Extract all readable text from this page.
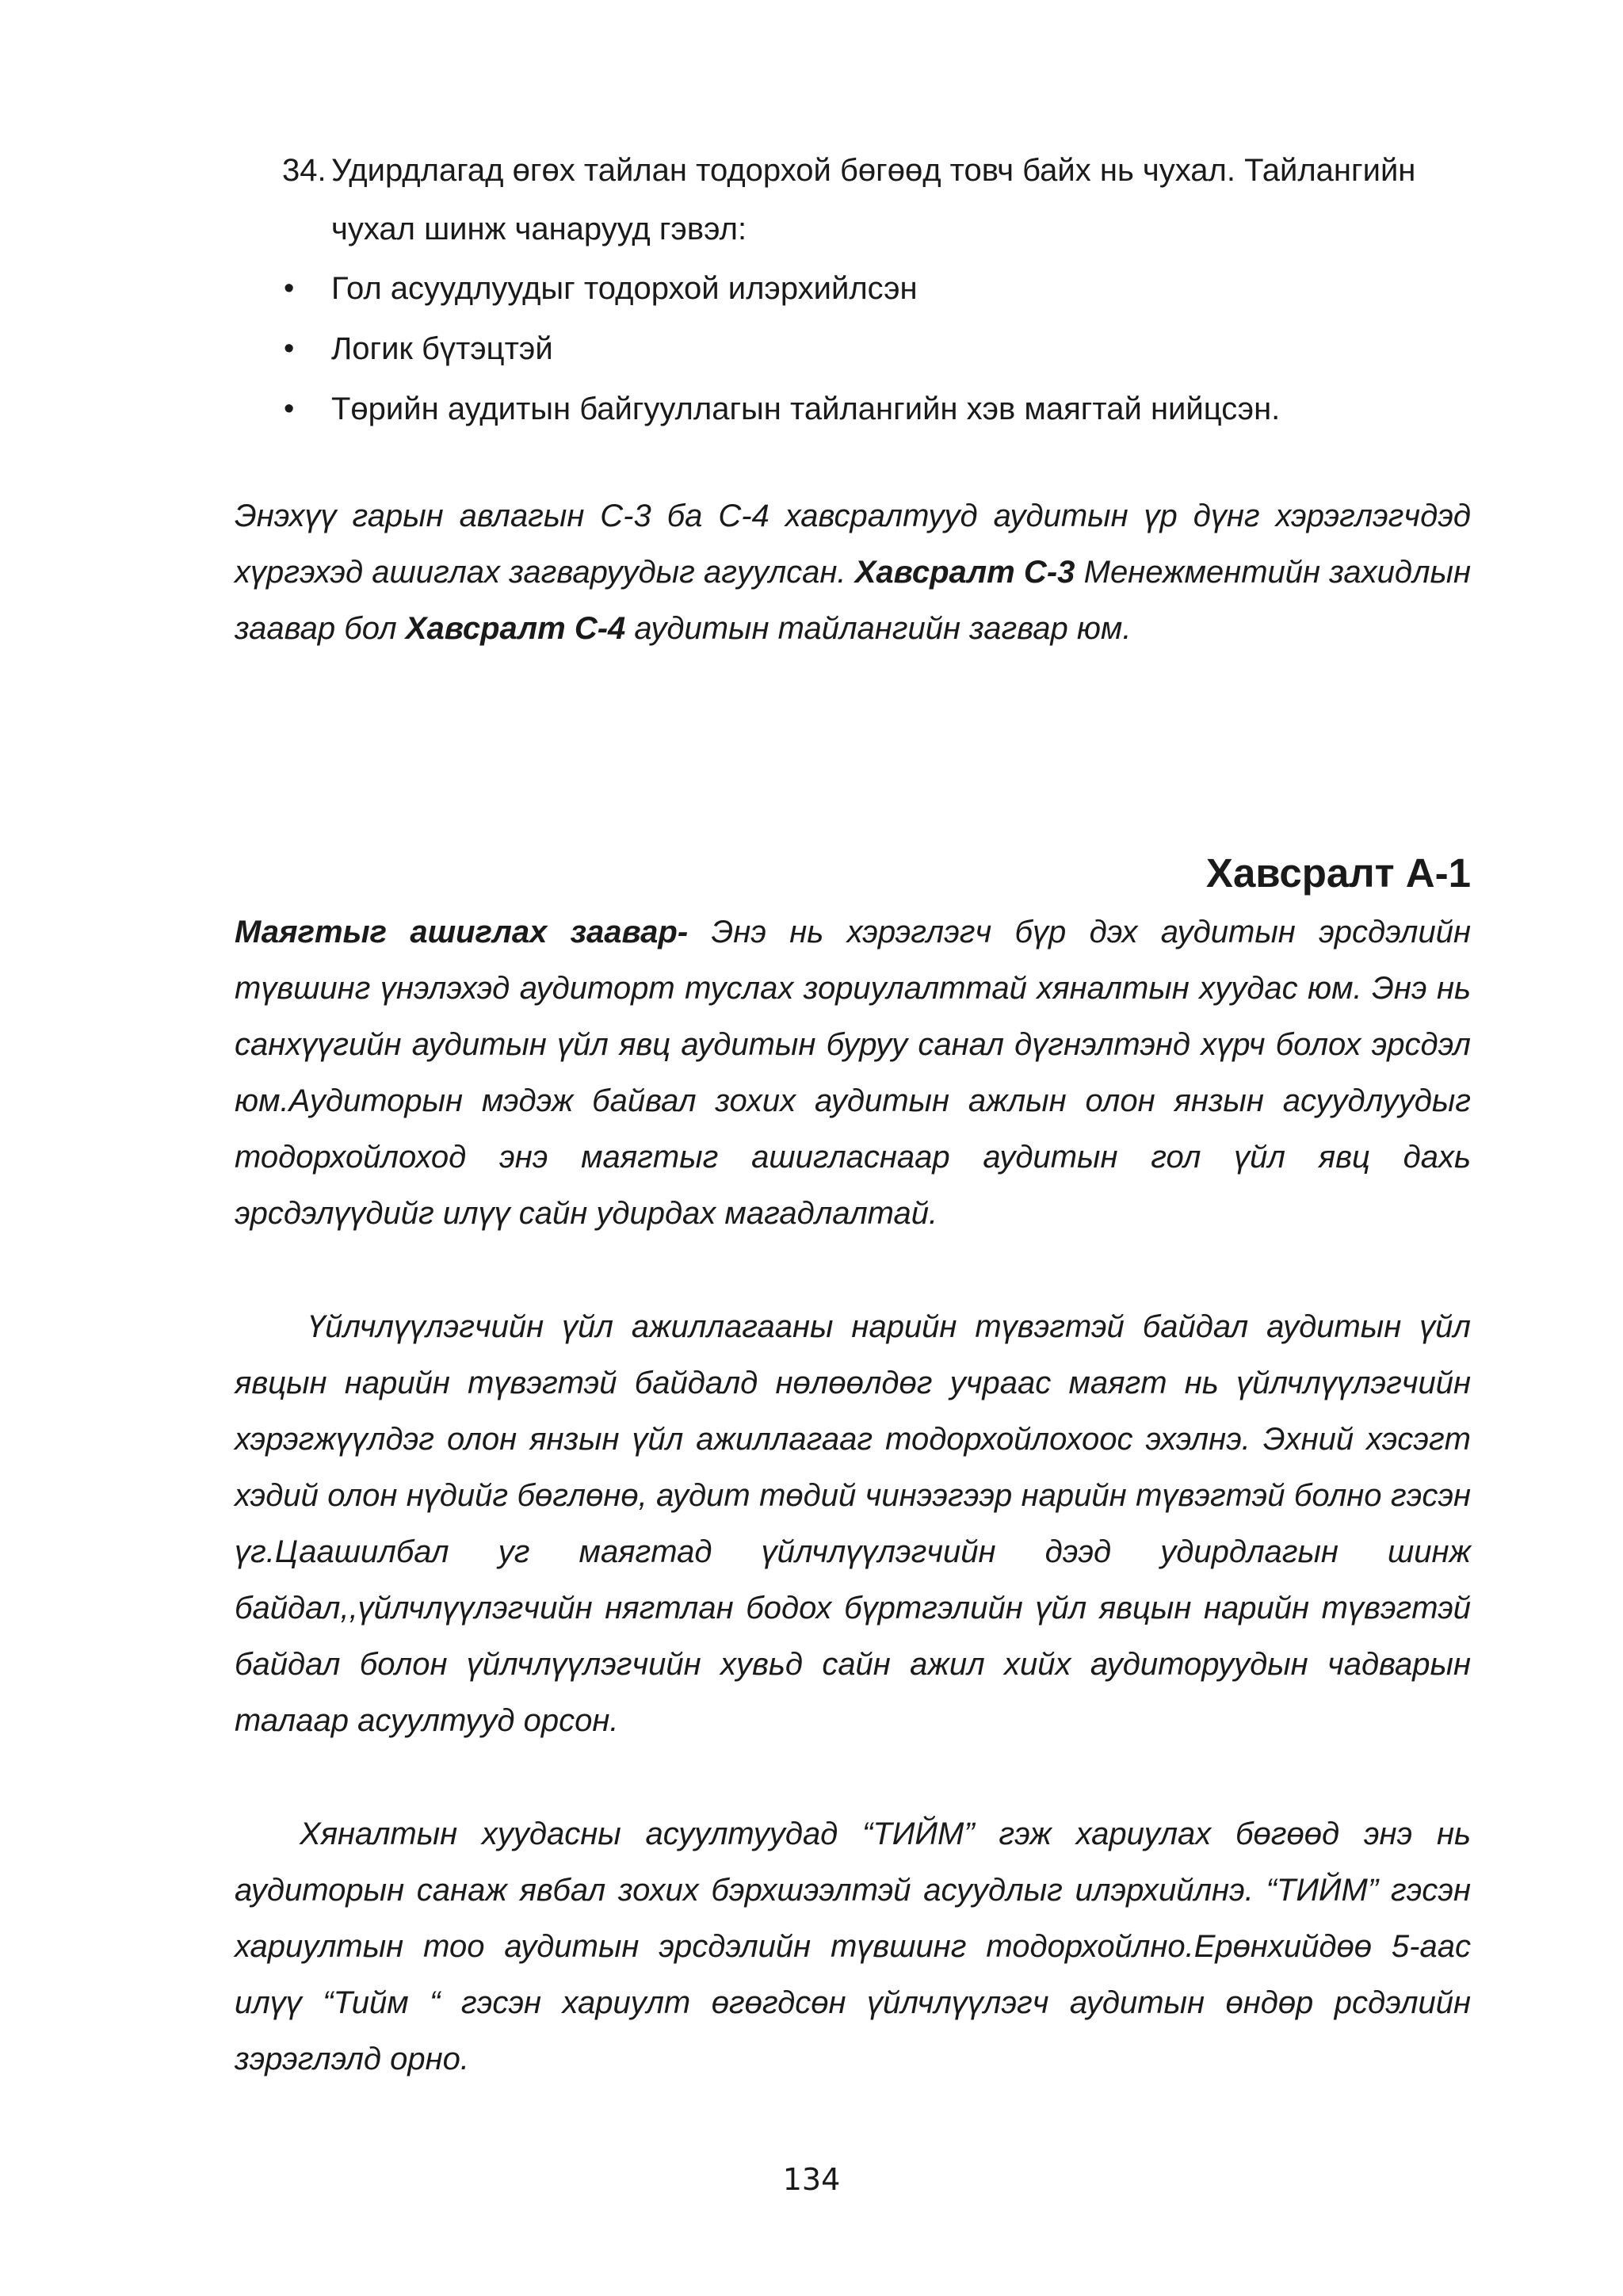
34. Удирдлагад өгөх тайлан тодорхой бөгөөд товч байх нь чухал. Тайлангийн чухал шинж чанарууд гэвэл:
•	Гол асуудлуудыг тодорхой илэрхийлсэн
•	Логик бүтэцтэй
•	Төрийн аудитын байгууллагын тайлангийн хэв маягтай нийцсэн.

Энэхүү гарын авлагын С-3 ба С-4 хавсралтууд аудитын үр дүнг хэрэглэгчдэд хүргэхэд ашиглах загваруудыг агуулсан. Хавсралт С-3 Менежментийн захидлын заавар бол Хавсралт С-4 аудитын тайлангийн загвар юм.

Хавсралт А-1

Маягтыг ашиглах заавар- Энэ нь хэрэглэгч бүр дэх аудитын эрсдэлийн түвшинг үнэлэхэд аудиторт туслах зориулалттай хяналтын хуудас юм. Энэ нь санхүүгийн аудитын үйл явц аудитын буруу санал дүгнэлтэнд хүрч болох эрсдэл юм.Аудиторын мэдэж байвал зохих аудитын ажлын олон янзын асуудлуудыг тодорхойлоход энэ маягтыг ашигласнаар аудитын гол үйл явц дахь эрсдэлүүдийг илүү сайн удирдах магадлалтай.

Үйлчлүүлэгчийн үйл ажиллагааны нарийн түвэгтэй байдал аудитын үйл явцын нарийн түвэгтэй байдалд нөлөөлдөг учраас маягт нь үйлчлүүлэгчийн хэрэгжүүлдэг олон янзын үйл ажиллагааг тодорхойлохоос эхэлнэ. Эхний хэсэгт хэдий олон нүдийг бөглөнө, аудит төдий чинээгээр нарийн түвэгтэй болно гэсэн үг.Цаашилбал уг маягтад үйлчлүүлэгчийн дээд удирдлагын шинж байдал,,үйлчлүүлэгчийн нягтлан бодох бүртгэлийн үйл явцын нарийн түвэгтэй байдал болон үйлчлүүлэгчийн хувьд сайн ажил хийх аудиторуудын чадварын талаар асуултууд орсон.

Хяналтын хуудасны асуултуудад “ТИЙМ” гэж хариулах бөгөөд энэ нь аудиторын санаж явбал зохих бэрхшээлтэй асуудлыг илэрхийлнэ. “ТИЙМ” гэсэн хариултын тоо аудитын эрсдэлийн түвшинг тодорхойлно.Ерөнхийдөө 5-аас илүү “Тийм “ гэсэн хариулт өгөгдсөн үйлчлүүлэгч аудитын өндөр рсдэлийн зэрэглэлд орно.

134
